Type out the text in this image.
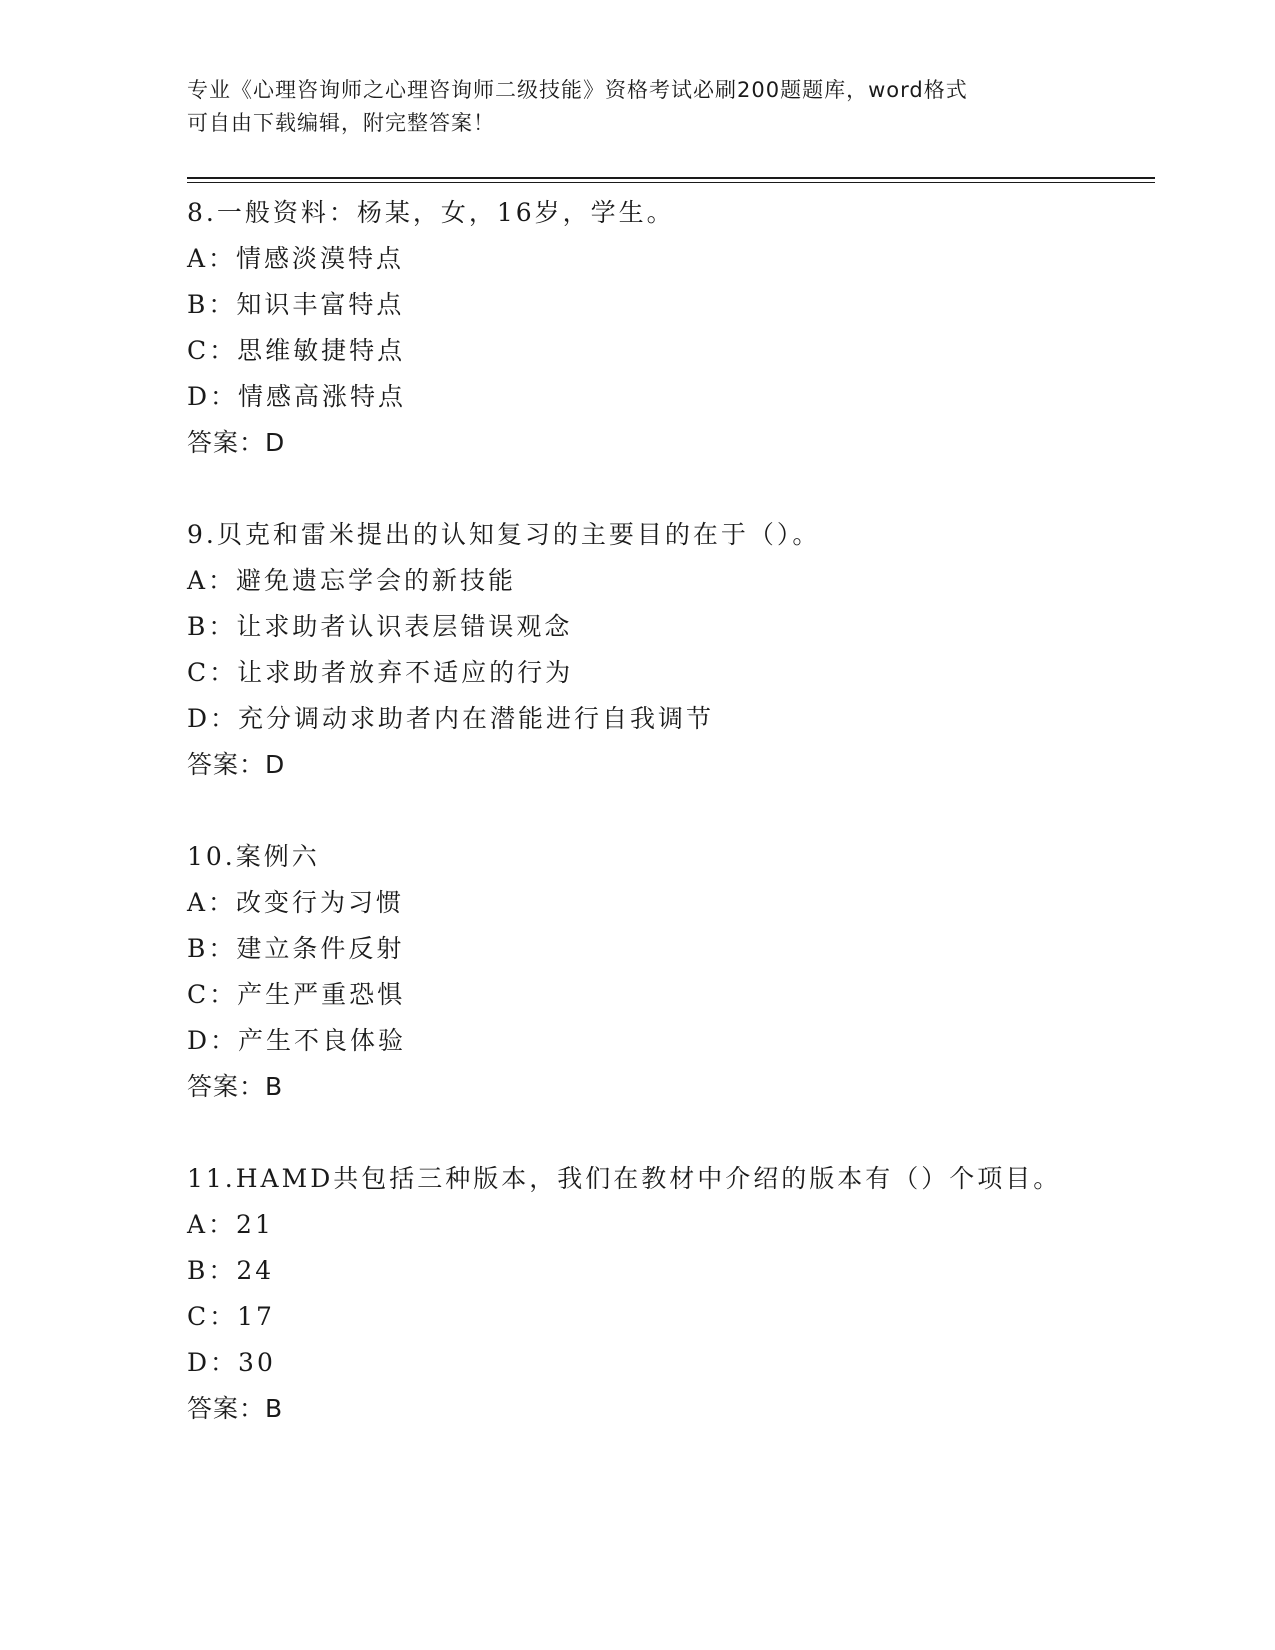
专业《心理咨询师之心理咨询师二级技能》资格考试必刷200题题库，word格式
可自由下载编辑，附完整答案！
8.一般资料：杨某，女，16岁，学生。
A：情感淡漠特点
B：知识丰富特点
C：思维敏捷特点
D：情感高涨特点
答案：D
9.贝克和雷米提出的认知复习的主要目的在于（）。
A：避免遗忘学会的新技能
B：让求助者认识表层错误观念
C：让求助者放弃不适应的行为
D：充分调动求助者内在潜能进行自我调节
答案：D
10.案例六
A：改变行为习惯
B：建立条件反射
C：产生严重恐惧
D：产生不良体验
答案：B
11.HAMD共包括三种版本，我们在教材中介绍的版本有（）个项目。
A：21
B：24
C：17
D：30
答案：B
